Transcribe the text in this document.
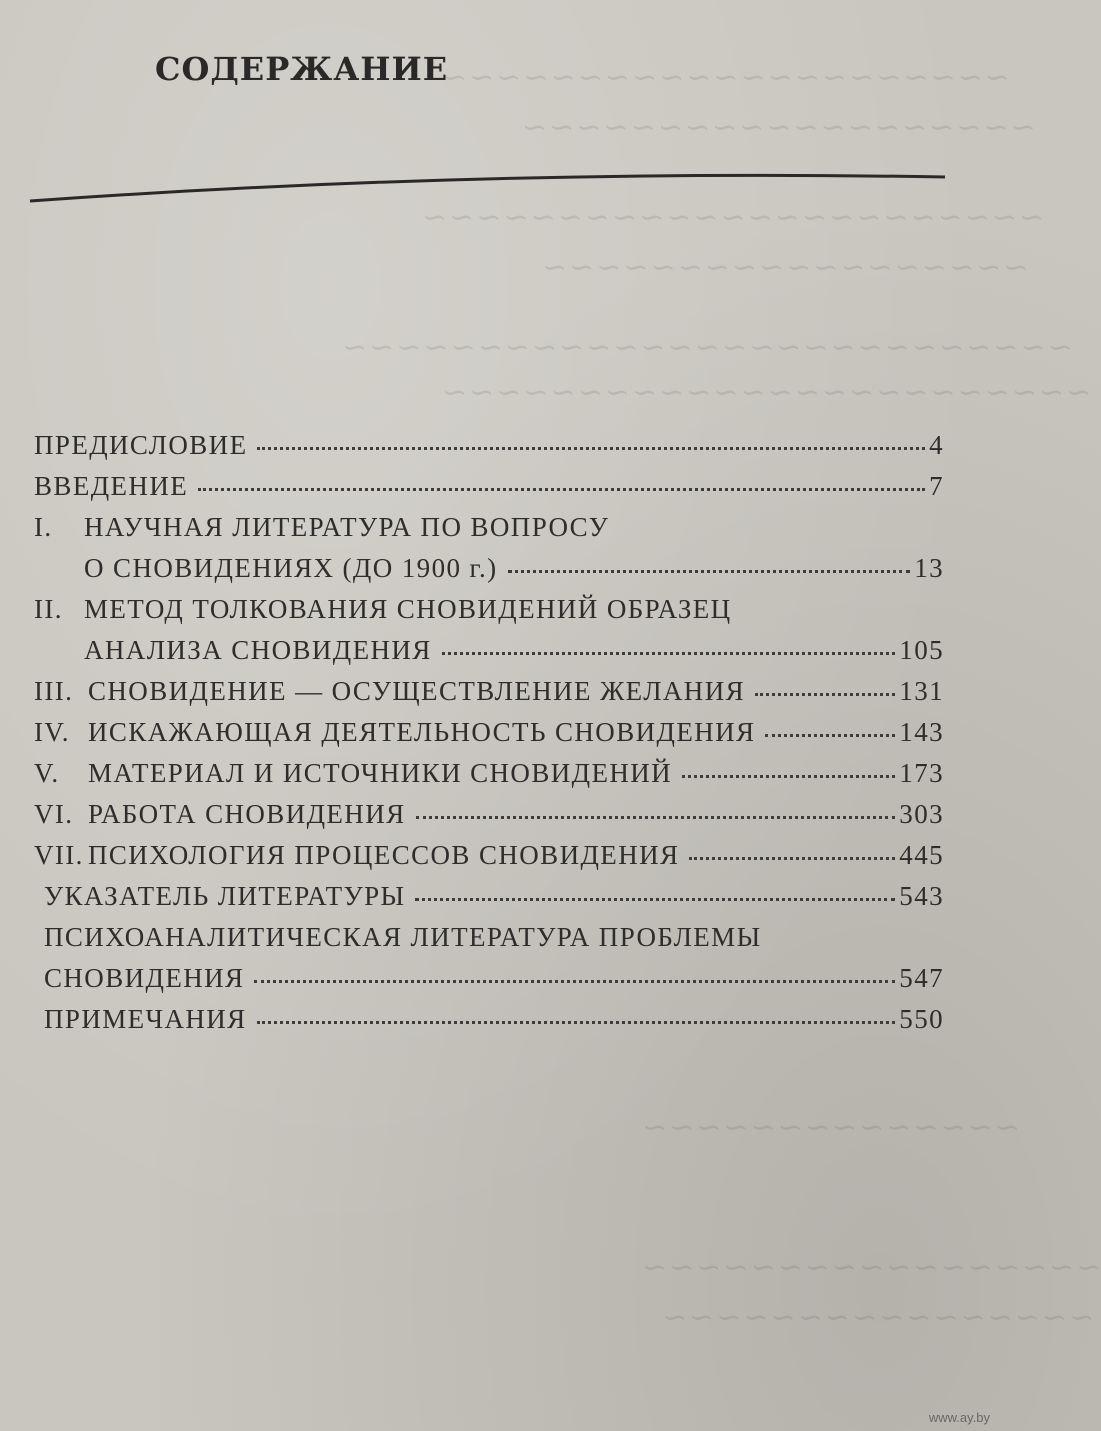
~~~~~~~~~~~~~~~~~~~~~
~~~~~~~~~~~~~~~~~~~
~~~~~~~~~~~~~~~~~~~~~~~
~~~~~~~~~~~~~~~~~~
~~~~~~~~~~~~~~~~~~~~~~~~~~~
~~~~~~~~~~~~~~~~~~~~~~~~
~~~~~~~~~~~~~~
~~~~~~~~~~~~~~~~~
~~~~~~~~~~~~~~~~
СОДЕРЖАНИЕ
ПРЕДИСЛОВИЕ	4
ВВЕДЕНИЕ	7
I.	НАУЧНАЯ ЛИТЕРАТУРА ПО ВОПРОСУ
О СНОВИДЕНИЯХ (ДО 1900 г.)	13
II. МЕТОД ТОЛКОВАНИЯ СНОВИДЕНИЙ ОБРАЗЕЦ
АНАЛИЗА СНОВИДЕНИЯ	105
III. СНОВИДЕНИЕ — ОСУЩЕСТВЛЕНИЕ ЖЕЛАНИЯ	131
IV. ИСКАЖАЮЩАЯ ДЕЯТЕЛЬНОСТЬ СНОВИДЕНИЯ	143
V.	МАТЕРИАЛ И ИСТОЧНИКИ СНОВИДЕНИЙ	173
VI. РАБОТА СНОВИДЕНИЯ	303
VII. ПСИХОЛОГИЯ ПРОЦЕССОВ СНОВИДЕНИЯ	445
УКАЗАТЕЛЬ ЛИТЕРАТУРЫ	543
ПСИХОАНАЛИТИЧЕСКАЯ ЛИТЕРАТУРА ПРОБЛЕМЫ
СНОВИДЕНИЯ	547
ПРИМЕЧАНИЯ	550
www.ay.by
